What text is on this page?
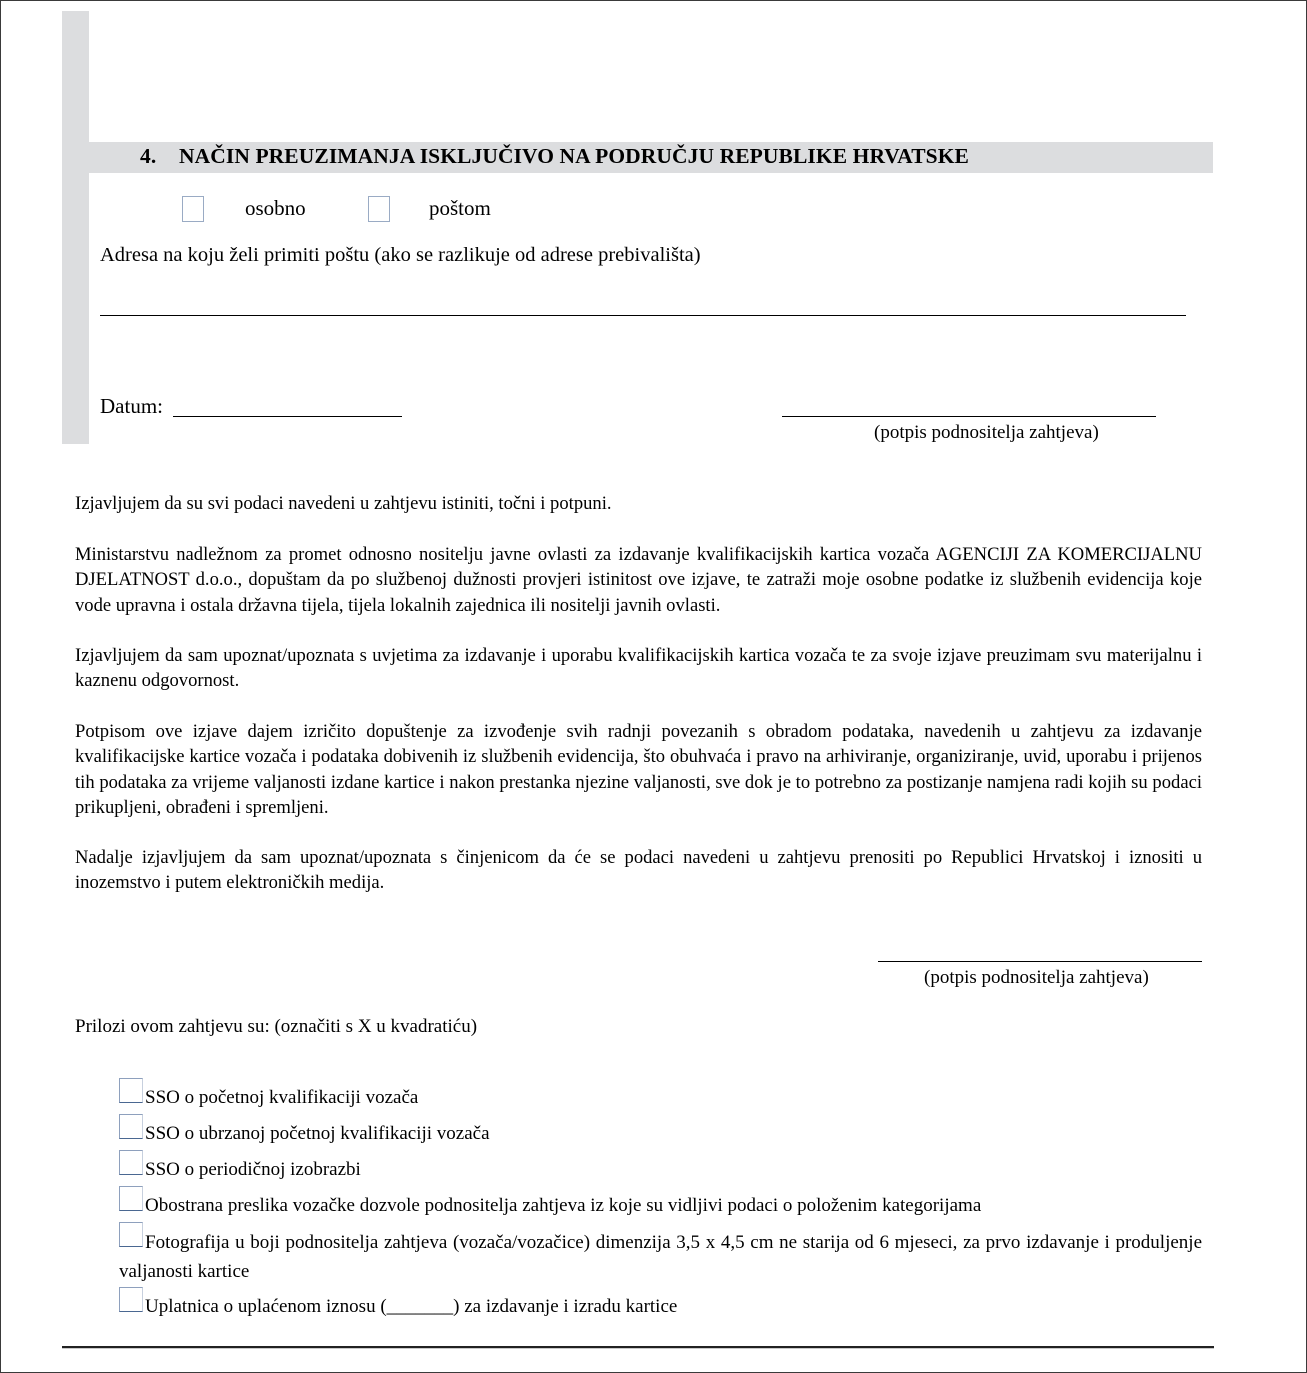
4. NAČIN PREUZIMANJA ISKLJUČIVO NA PODRUČJU REPUBLIKE HRVATSKE
osobno	poštom
Adresa na koju želi primiti poštu (ako se razlikuje od adrese prebivališta)
Datum:
(potpis podnositelja zahtjeva)
Izjavljujem da su svi podaci navedeni u zahtjevu istiniti, točni i potpuni.
Ministarstvu nadležnom za promet odnosno nositelju javne ovlasti za izdavanje kvalifikacijskih kartica vozača AGENCIJI ZA KOMERCIJALNU DJELATNOST d.o.o., dopuštam da po službenoj dužnosti provjeri istinitost ove izjave, te zatraži moje osobne podatke iz službenih evidencija koje vode upravna i ostala državna tijela, tijela lokalnih zajednica ili nositelji javnih ovlasti.
Izjavljujem da sam upoznat/upoznata s uvjetima za izdavanje i uporabu kvalifikacijskih kartica vozača te za svoje izjave preuzimam svu materijalnu i kaznenu odgovornost.
Potpisom ove izjave dajem izričito dopuštenje za izvođenje svih radnji povezanih s obradom podataka, navedenih u zahtjevu za izdavanje kvalifikacijske kartice vozača i podataka dobivenih iz službenih evidencija, što obuhvaća i pravo na arhiviranje, organiziranje, uvid, uporabu i prijenos tih podataka za vrijeme valjanosti izdane kartice i nakon prestanka njezine valjanosti, sve dok je to potrebno za postizanje namjena radi kojih su podaci prikupljeni, obrađeni i spremljeni.
Nadalje izjavljujem da sam upoznat/upoznata s činjenicom da će se podaci navedeni u zahtjevu prenositi po Republici Hrvatskoj i iznositi u inozemstvo i putem elektroničkih medija.
(potpis podnositelja zahtjeva)
Prilozi ovom zahtjevu su: (označiti s X u kvadratiću)
SSO o početnoj kvalifikaciji vozača
SSO o ubrzanoj početnoj kvalifikaciji vozača
SSO o periodičnoj izobrazbi
Obostrana preslika vozačke dozvole podnositelja zahtjeva iz koje su vidljivi podaci o položenim kategorijama
Fotografija u boji podnositelja zahtjeva (vozača/vozačice) dimenzija 3,5 x 4,5 cm ne starija od 6 mjeseci, za prvo izdavanje i produljenje valjanosti kartice
Uplatnica o uplaćenom iznosu (_______) za izdavanje i izradu kartice
